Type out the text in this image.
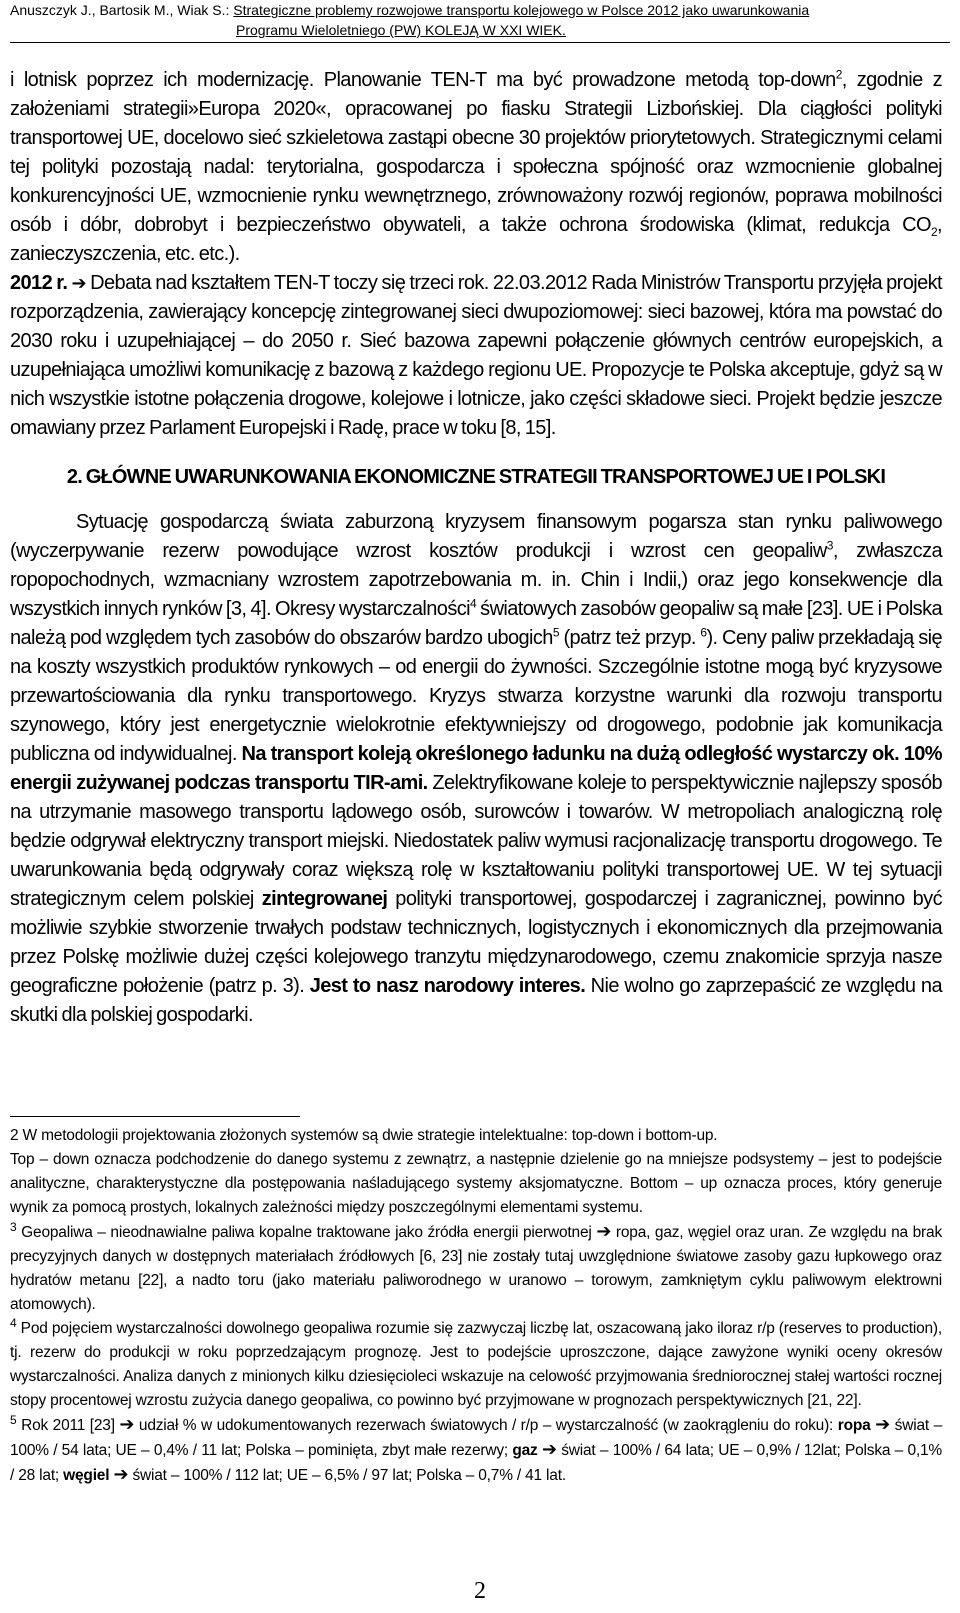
Anuszczyk J., Bartosik M., Wiak S.: Strategiczne problemy rozwojowe transportu kolejowego w Polsce 2012 jako uwarunkowania
Programu Wieloletniego (PW) KOLEJĄ W XXI WIEK.

i lotnisk poprzez ich modernizację. Planowanie TEN-T ma być prowadzone metodą top-down$^2$, zgodnie z założeniami strategii»Europa 2020«, opracowanej po fiasku Strategii Lizbońskiej. Dla ciągłości polityki transportowej UE, docelowo sieć szkieletowa zastąpi obecne 30 projektów priorytetowych. Strategicznymi celami tej polityki pozostają nadal: terytorialna, gospodarcza i społeczna spójność oraz wzmocnienie globalnej konkurencyjności UE, wzmocnienie rynku wewnętrznego, zrównoważony rozwój regionów, poprawa mobilności osób i dóbr, dobrobyt i bezpieczeństwo obywateli, a także ochrona środowiska (klimat, redukcja $CO_2$, zanieczyszczenia, etc. etc.).

2012 r. ➔ Debata nad kształtem TEN-T toczy się trzeci rok. 22.03.2012 Rada Ministrów Transportu przyjęła projekt rozporządzenia, zawierający koncepcję zintegrowanej sieci dwupoziomowej: sieci bazowej, która ma powstać do 2030 roku i uzupełniającej – do 2050 r. Sieć bazowa zapewni połączenie głównych centrów europejskich, a uzupełniająca umożliwi komunikację z bazową z każdego regionu UE. Propozycje te Polska akceptuje, gdyż są w nich wszystkie istotne połączenia drogowe, kolejowe i lotnicze, jako części składowe sieci. Projekt będzie jeszcze omawiany przez Parlament Europejski i Radę, prace w toku [8, 15].

2. GŁÓWNE UWARUNKOWANIA EKONOMICZNE STRATEGII TRANSPORTOWEJ UE I POLSKI

Sytuację gospodarczą świata zaburzoną kryzysem finansowym pogarsza stan rynku paliwowego (wyczerpywanie rezerw powodujące wzrost kosztów produkcji i wzrost cen geopaliw$^3$, zwłaszcza ropopochodnych, wzmacniany wzrostem zapotrzebowania m. in. Chin i Indii,) oraz jego konsekwencje dla wszystkich innych rynków [3, 4]. Okresy wystarczalności$^4$ światowych zasobów geopaliw są małe [23]. UE i Polska należą pod względem tych zasobów do obszarów bardzo ubogich$^5$ (patrz też przyp. $^6$). Ceny paliw przekładają się na koszty wszystkich produktów rynkowych – od energii do żywności. Szczególnie istotne mogą być kryzysowe przewartościowania dla rynku transportowego. Kryzys stwarza korzystne warunki dla rozwoju transportu szynowego, który jest energetycznie wielokrotnie efektywniejszy od drogowego, podobnie jak komunikacja publiczna od indywidualnej. Na transport koleją określonego ładunku na dużą odległość wystarczy ok. 10% energii zużywanej podczas transportu TIR-ami. Zelektryfikowane koleje to perspektywicznie najlepszy sposób na utrzymanie masowego transportu lądowego osób, surowców i towarów. W metropoliach analogiczną rolę będzie odgrywał elektryczny transport miejski. Niedostatek paliw wymusi racjonalizację transportu drogowego. Te uwarunkowania będą odgrywały coraz większą rolę w kształtowaniu polityki transportowej UE. W tej sytuacji strategicznym celem polskiej zintegrowanej polityki transportowej, gospodarczej i zagranicznej, powinno być możliwie szybkie stworzenie trwałych podstaw technicznych, logistycznych i ekonomicznych dla przejmowania przez Polskę możliwie dużej części kolejowego tranzytu międzynarodowego, czemu znakomicie sprzyja nasze geograficzne położenie (patrz p. 3). Jest to nasz narodowy interes. Nie wolno go zaprzepaścić ze względu na skutki dla polskiej gospodarki.

2 W metodologii projektowania złożonych systemów są dwie strategie intelektualne: top-down i bottom-up.

Top – down oznacza podchodzenie do danego systemu z zewnątrz, a następnie dzielenie go na mniejsze podsystemy – jest to podejście analityczne, charakterystyczne dla postępowania naśladującego systemy aksjomatyczne. Bottom – up oznacza proces, który generuje wynik za pomocą prostych, lokalnych zależności między poszczególnymi elementami systemu.

$^3$ Geopaliwa – nieodnawialne paliwa kopalne traktowane jako źródła energii pierwotnej ➔ ropa, gaz, węgiel oraz uran. Ze względu na brak precyzyjnych danych w dostępnych materiałach źródłowych [6, 23] nie zostały tutaj uwzględnione światowe zasoby gazu łupkowego oraz hydratów metanu [22], a nadto toru (jako materiału paliworodnego w uranowo – torowym, zamkniętym cyklu paliwowym elektrowni atomowych).

$^4$ Pod pojęciem wystarczalności dowolnego geopaliwa rozumie się zazwyczaj liczbę lat, oszacowaną jako iloraz r/p (reserves to production), tj. rezerw do produkcji w roku poprzedzającym prognozę. Jest to podejście uproszczone, dające zawyżone wyniki oceny okresów wystarczalności. Analiza danych z minionych kilku dziesięcioleci wskazuje na celowość przyjmowania średniorocznej stałej wartości rocznej stopy procentowej wzrostu zużycia danego geopaliwa, co powinno być przyjmowane w prognozach perspektywicznych [21, 22].

$^5$ Rok 2011 [23] ➔ udział % w udokumentowanych rezerwach światowych / r/p – wystarczalność (w zaokrągleniu do roku): ropa ➔ świat – 100% / 54 lata; UE – 0,4% / 11 lat; Polska – pominięta, zbyt małe rezerwy; gaz ➔ świat – 100% / 64 lata; UE – 0,9% / 12lat; Polska – 0,1% / 28 lat; węgiel ➔ świat – 100% / 112 lat; UE – 6,5% / 97 lat; Polska – 0,7% / 41 lat.

2
